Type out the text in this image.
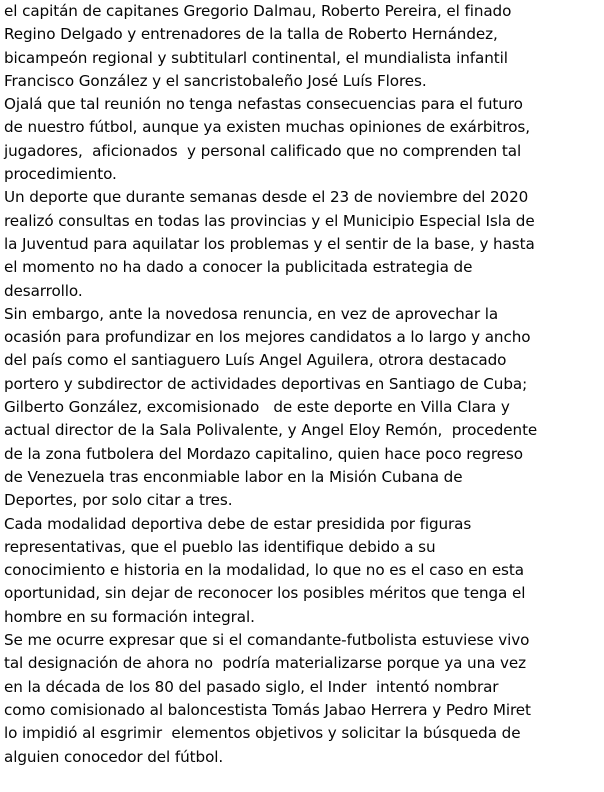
el capitán de capitanes Gregorio Dalmau, Roberto Pereira, el finado
Regino Delgado y entrenadores de la talla de Roberto Hernández,
bicampeón regional y subtitularl continental, el mundialista infantil
Francisco González y el sancristobaleño José Luís Flores.
Ojalá que tal reunión no tenga nefastas consecuencias para el futuro
de nuestro fútbol, aunque ya existen muchas opiniones de exárbitros,
jugadores,  aficionados  y personal calificado que no comprenden tal
procedimiento.
Un deporte que durante semanas desde el 23 de noviembre del 2020
realizó consultas en todas las provincias y el Municipio Especial Isla de
la Juventud para aquilatar los problemas y el sentir de la base, y hasta
el momento no ha dado a conocer la publicitada estrategia de
desarrollo.
Sin embargo, ante la novedosa renuncia, en vez de aprovechar la
ocasión para profundizar en los mejores candidatos a lo largo y ancho
del país como el santiaguero Luís Angel Aguilera, otrora destacado
portero y subdirector de actividades deportivas en Santiago de Cuba;
Gilberto González, excomisionado   de este deporte en Villa Clara y
actual director de la Sala Polivalente, y Angel Eloy Remón,  procedente
de la zona futbolera del Mordazo capitalino, quien hace poco regreso
de Venezuela tras enconmiable labor en la Misión Cubana de
Deportes, por solo citar a tres.
Cada modalidad deportiva debe de estar presidida por figuras
representativas, que el pueblo las identifique debido a su
conocimiento e historia en la modalidad, lo que no es el caso en esta
oportunidad, sin dejar de reconocer los posibles méritos que tenga el
hombre en su formación integral.
Se me ocurre expresar que si el comandante-futbolista estuviese vivo
tal designación de ahora no  podría materializarse porque ya una vez
en la década de los 80 del pasado siglo, el Inder  intentó nombrar
como comisionado al baloncestista Tomás Jabao Herrera y Pedro Miret
lo impidió al esgrimir  elementos objetivos y solicitar la búsqueda de
alguien conocedor del fútbol.
